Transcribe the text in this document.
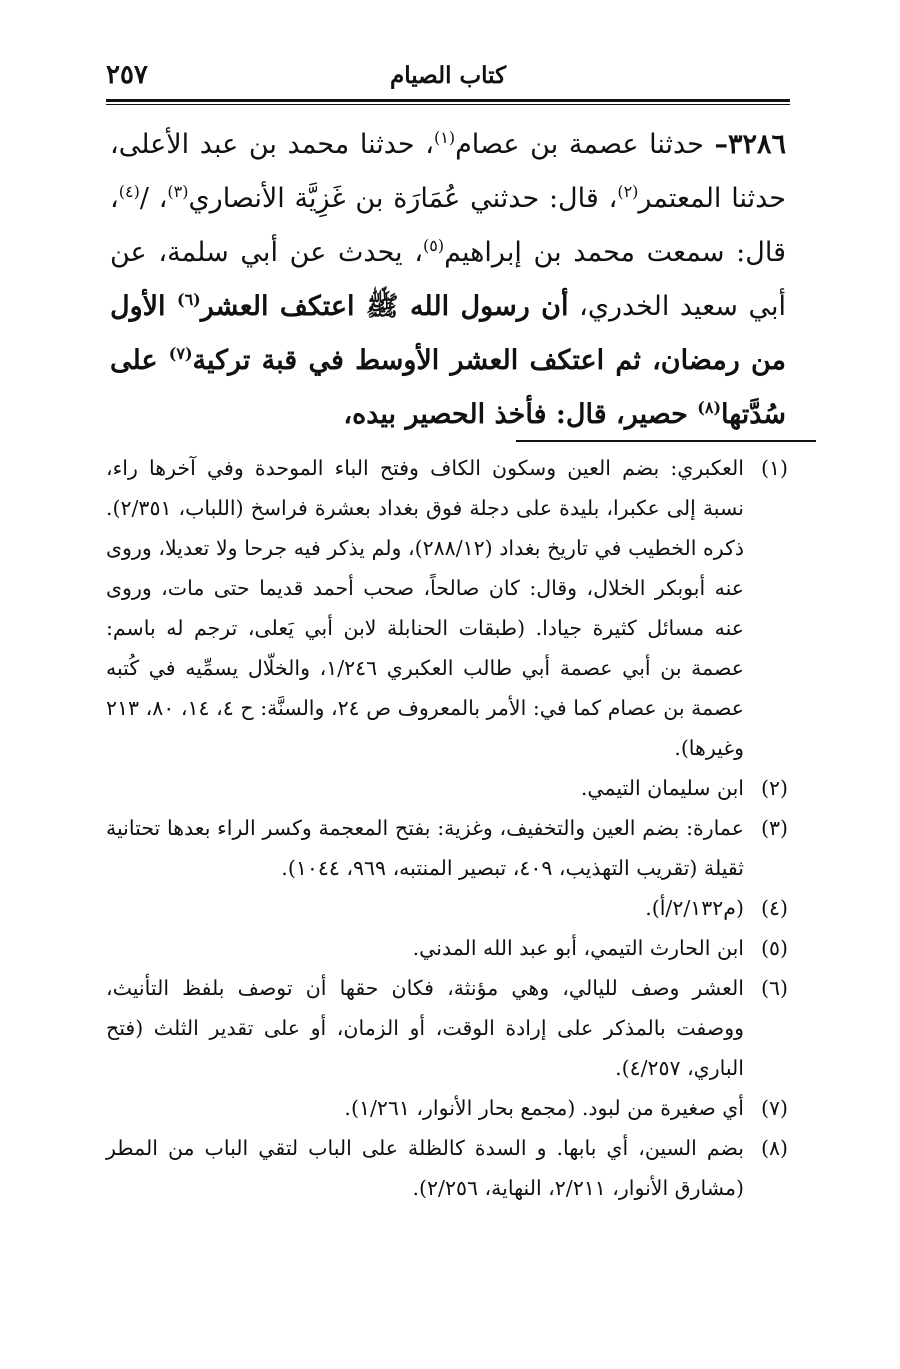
كتاب الصيام
٢٥٧
٣٢٨٦– حدثنا عصمة بن عصام$^{(١)}$، حدثنا محمد بن عبد الأعلى، حدثنا المعتمر$^{(٢)}$، قال: حدثني عُمَارَة بن غَزِيَّة الأنصاري$^{(٣)}$، /$^{(٤)}$، قال: سمعت محمد بن إبراهيم$^{(٥)}$، يحدث عن أبي سلمة، عن أبي سعيد الخدري، أن رسول الله ﷺ اعتكف العشر$^{(٦)}$ الأول من رمضان، ثم اعتكف العشر الأوسط في قبة تركية$^{(٧)}$ على سُدَّتها$^{(٨)}$ حصير، قال: فأخذ الحصير بيده،
(١)
العكبري: بضم العين وسكون الكاف وفتح الباء الموحدة وفي آخرها راء، نسبة إلى عكبرا، بليدة على دجلة فوق بغداد بعشرة فراسخ (اللباب، ٢/٣٥١). ذكره الخطيب في تاريخ بغداد (٢٨٨/١٢)، ولم يذكر فيه جرحا ولا تعديلا، وروى عنه أبوبكر الخلال، وقال: كان صالحاً، صحب أحمد قديما حتى مات، وروى عنه مسائل كثيرة جيادا. (طبقات الحنابلة لابن أبي يَعلى، ترجم له باسم: عصمة بن أبي عصمة أبي طالب العكبري ١/٢٤٦، والخلّال يسمِّيه في كُتبه عصمة بن عصام كما في: الأمر بالمعروف ص ٢٤، والسنَّة: ح ٤، ١٤، ٨٠، ٢١٣ وغيرها).
(٢)
ابن سليمان التيمي.
(٣)
عمارة: بضم العين والتخفيف، وغزية: بفتح المعجمة وكسر الراء بعدها تحتانية ثقيلة (تقريب التهذيب، ٤٠٩، تبصير المنتبه، ٩٦٩، ١٠٤٤).
(٤)
(م٢/١٣٢/أ).
(٥)
ابن الحارث التيمي، أبو عبد الله المدني.
(٦)
العشر وصف لليالي، وهي مؤنثة، فكان حقها أن توصف بلفظ التأنيث، ووصفت بالمذكر على إرادة الوقت، أو الزمان، أو على تقدير الثلث (فتح الباري، ٤/٢٥٧).
(٧)
أي صغيرة من لبود. (مجمع بحار الأنوار، ١/٢٦١).
(٨)
بضم السين، أي بابها. و السدة كالظلة على الباب لتقي الباب من المطر (مشارق الأنوار، ٢/٢١١، النهاية، ٢/٢٥٦).
